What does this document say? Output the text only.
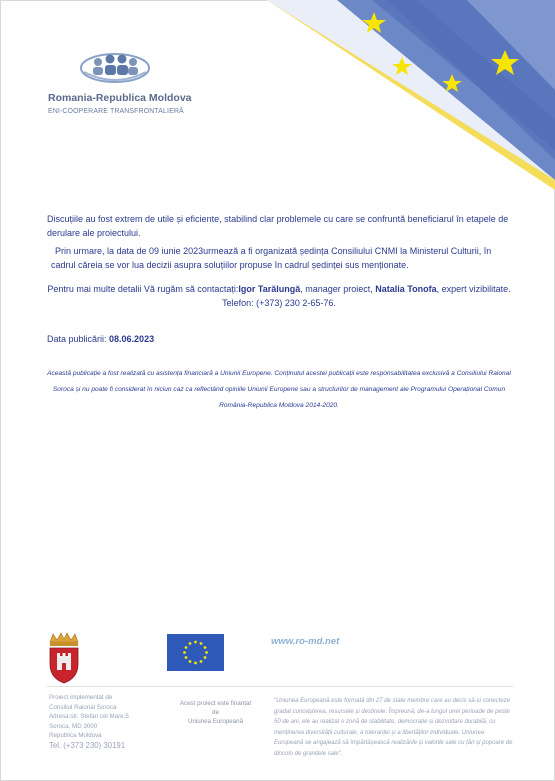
Romania-Republica Moldova
ENI-COOPERARE TRANSFRONTALIERĂ

Discuțiile au fost extrem de utile și eficiente, stabilind clar problemele cu care se confruntă beneficiarul în etapele de derulare ale proiectului.

Prin urmare, la data de 09 iunie 2023urmează a fi organizată ședința Consiliului CNMI la Ministerul Culturii, în cadrul căreia se vor lua decizii asupra soluțiilor propuse în cadrul ședinței sus menționate.

Pentru mai multe detalii Vă rugăm să contactați:Igor Tarălungă, manager proiect, Natalia Tonofa, expert vizibilitate. Telefon: (+373) 230 2-65-76.

Data publicării: 08.06.2023

Această publicație a fost realizată cu asistența financiară a Uniunii Europene. Conținutul acestei publicații este responsabilitatea exclusivă a Consiliului Raional Soroca și nu poate fi considerat în niciun caz ca reflectând opiniile Uniunii Europene sau a structurilor de management ale Programului Operațional Comun România-Republica Moldova 2014-2020.

www.ro-md.net
Proiect implementat de
Consiliul Raional Soroca
Adresa:str. Ștefan cel Mare,5
Soroca, MD 3000
Republica Moldova
Tel. (+373 230) 30191
Acest proiect este finanțat
de
Uniunea Europeană
"Uniunea Europeană este formată din 27 de state membre care au decis să-și conecteze gradat cunoașterea, resursele și destinele. Împreună, de-a lungul unei perioade de peste 50 de ani, ele au realizat o zonă de stabilitate, democrație și dezvoltare durabilă, cu menținerea diversității culturale, a toleranței și a libertăților individuale. Uniunea Europeană se angajează să împărtășească realizările și valorile sale cu țări și popoare de dincolo de granițele sale".
